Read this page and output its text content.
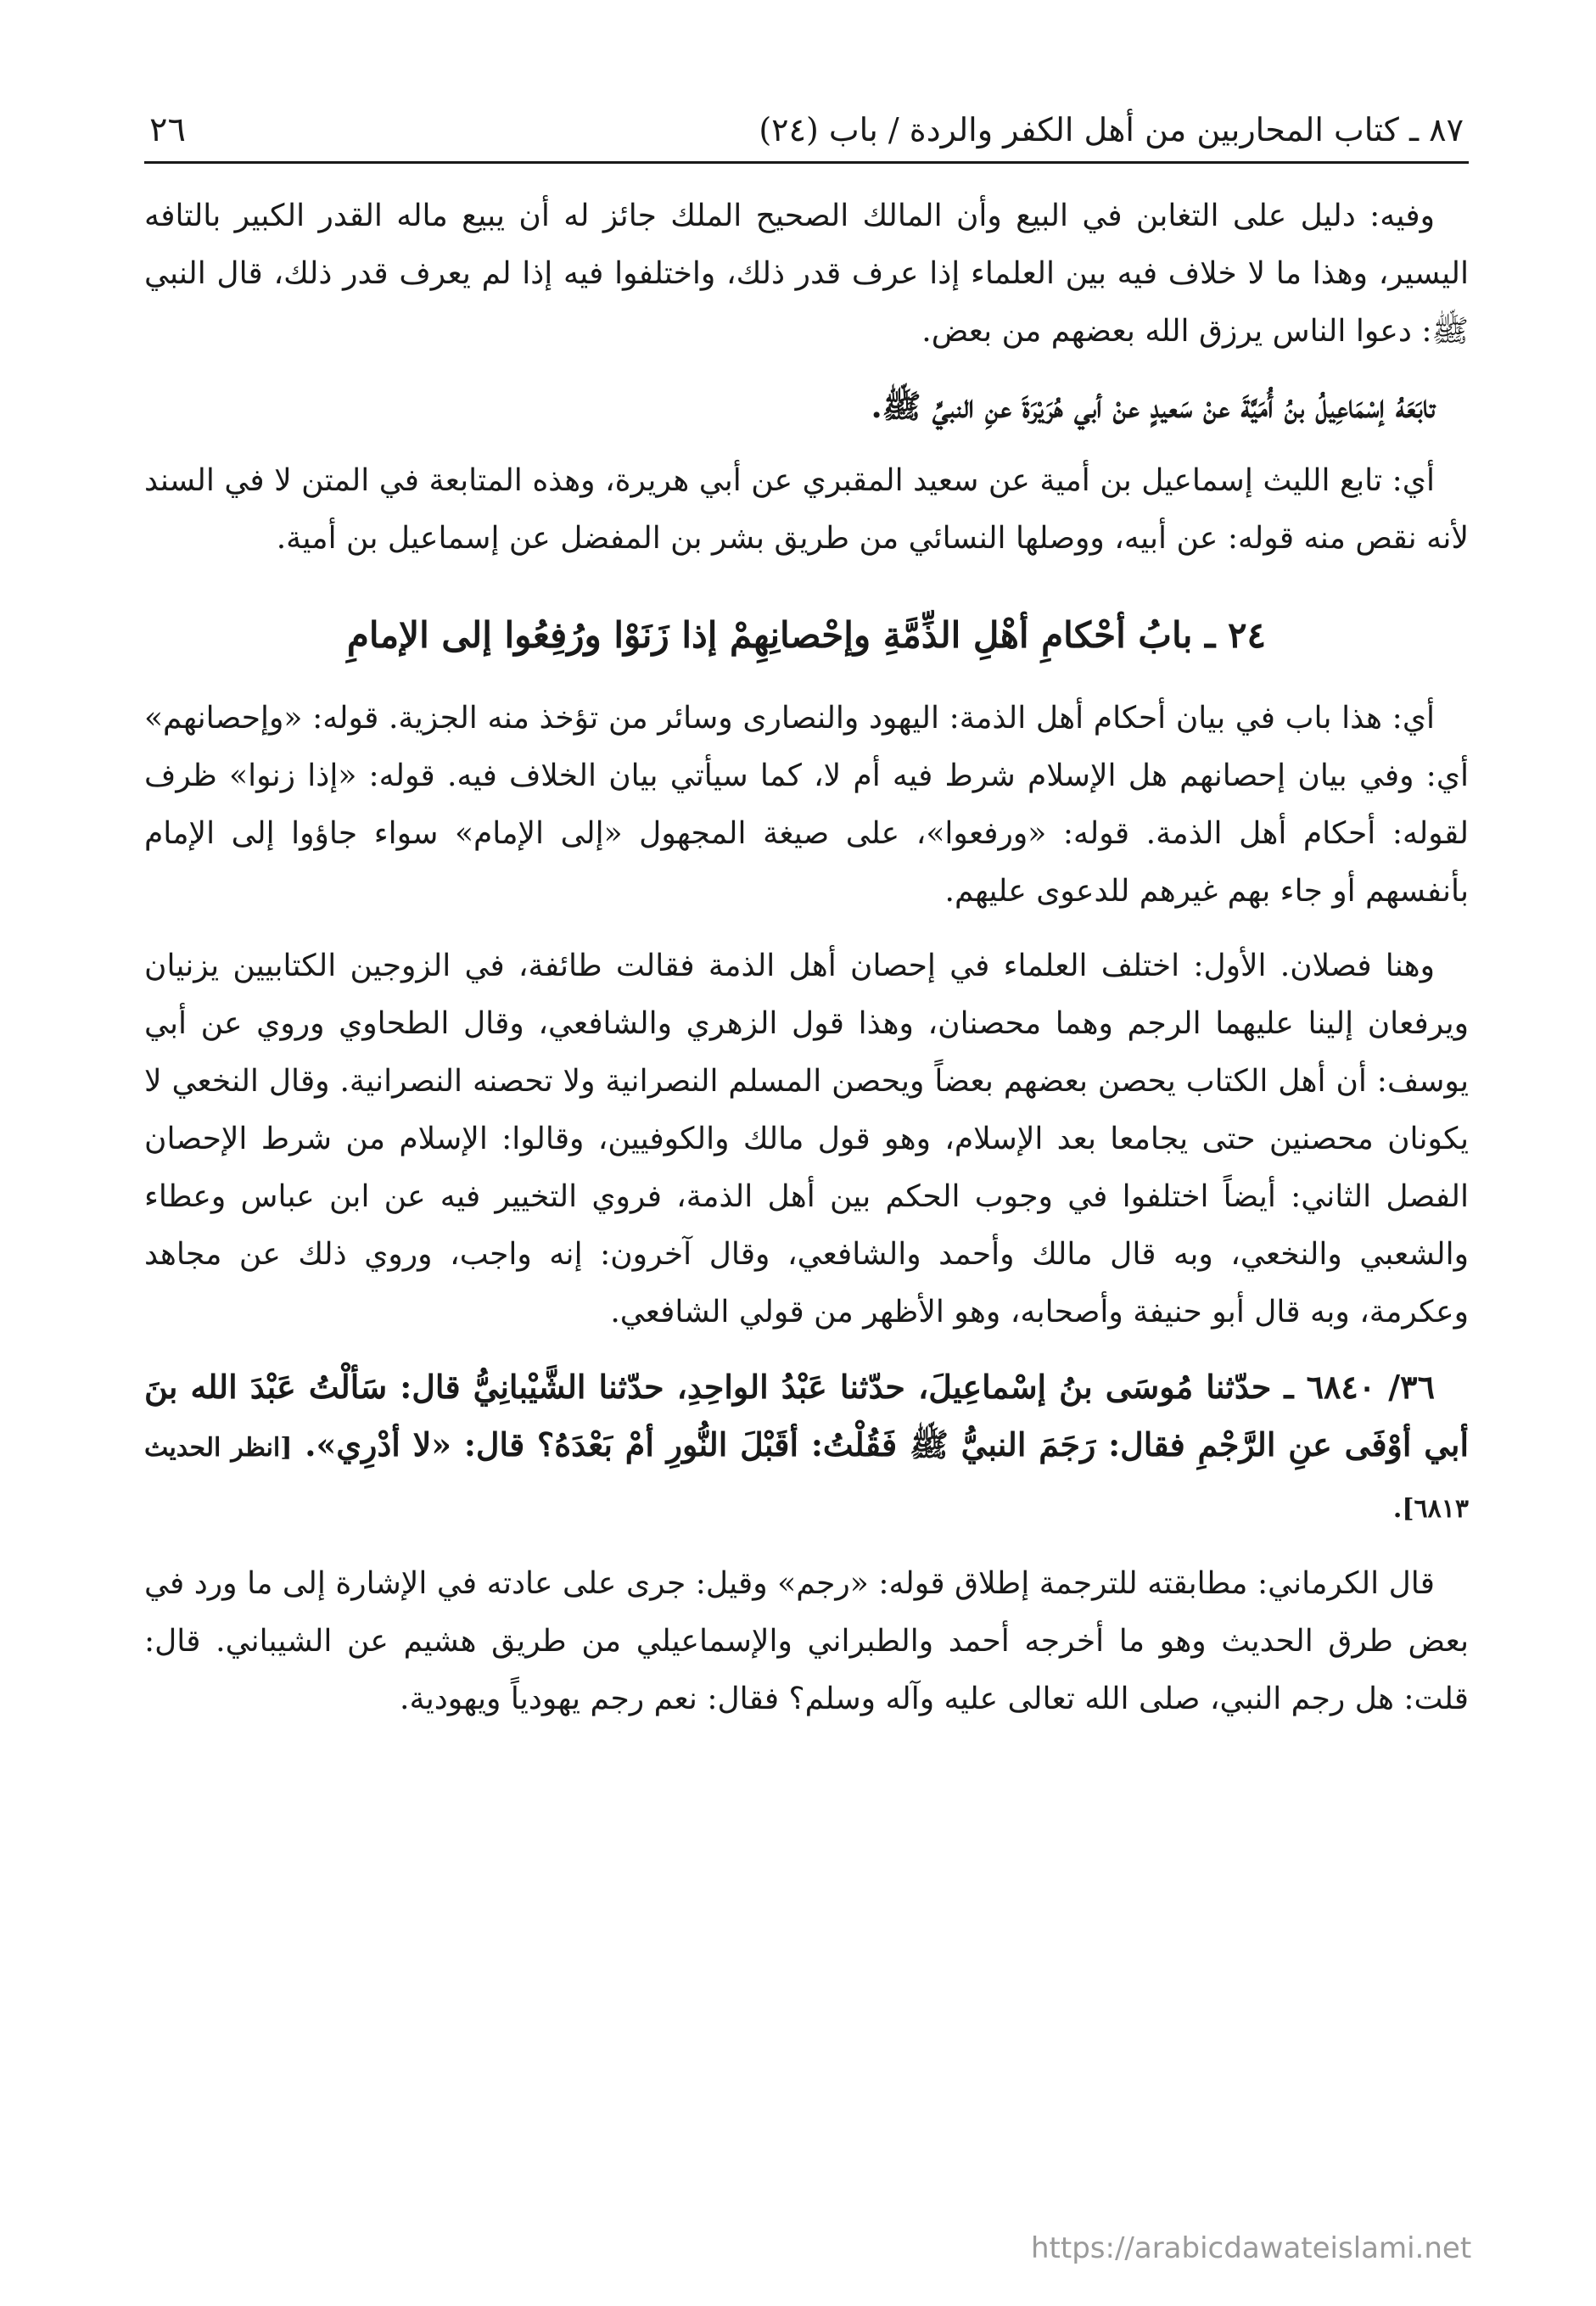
٢٦	٨٧ ـ كتاب المحاربين من أهل الكفر والردة / باب (٢٤)

وفيه: دليل على التغابن في البيع وأن المالك الصحيح الملك جائز له أن يبيع ماله القدر الكبير بالتافه اليسير، وهذا ما لا خلاف فيه بين العلماء إذا عرف قدر ذلك، واختلفوا فيه إذا لم يعرف قدر ذلك، قال النبي ﷺ: دعوا الناس يرزق الله بعضهم من بعض.

تابَعَهُ إسْمَاعِيلُ بنُ أُمَيَّةَ عنْ سَعيدٍ عنْ أبي هُرَيْرَةَ عنِ النبيِّ ﷺ.

أي: تابع الليث إسماعيل بن أمية عن سعيد المقبري عن أبي هريرة، وهذه المتابعة في المتن لا في السند لأنه نقص منه قوله: عن أبيه، ووصلها النسائي من طريق بشر بن المفضل عن إسماعيل بن أمية.

٢٤ ـ بابُ أحْكامِ أهْلِ الذِّمَّةِ وإحْصانِهِمْ إذا زَنَوْا ورُفِعُوا إلى الإمامِ

أي: هذا باب في بيان أحكام أهل الذمة: اليهود والنصارى وسائر من تؤخذ منه الجزية. قوله: «وإحصانهم» أي: وفي بيان إحصانهم هل الإسلام شرط فيه أم لا، كما سيأتي بيان الخلاف فيه. قوله: «إذا زنوا» ظرف لقوله: أحكام أهل الذمة. قوله: «ورفعوا»، على صيغة المجهول «إلى الإمام» سواء جاؤوا إلى الإمام بأنفسهم أو جاء بهم غيرهم للدعوى عليهم.

وهنا فصلان. الأول: اختلف العلماء في إحصان أهل الذمة فقالت طائفة، في الزوجين الكتابيين يزنيان ويرفعان إلينا عليهما الرجم وهما محصنان، وهذا قول الزهري والشافعي، وقال الطحاوي وروي عن أبي يوسف: أن أهل الكتاب يحصن بعضهم بعضاً ويحصن المسلم النصرانية ولا تحصنه النصرانية. وقال النخعي لا يكونان محصنين حتى يجامعا بعد الإسلام، وهو قول مالك والكوفيين، وقالوا: الإسلام من شرط الإحصان الفصل الثاني: أيضاً اختلفوا في وجوب الحكم بين أهل الذمة، فروي التخيير فيه عن ابن عباس وعطاء والشعبي والنخعي، وبه قال مالك وأحمد والشافعي، وقال آخرون: إنه واجب، وروي ذلك عن مجاهد وعكرمة، وبه قال أبو حنيفة وأصحابه، وهو الأظهر من قولي الشافعي.

٣٦/ ٦٨٤٠ ـ حدّثنا مُوسَى بنُ إسْماعِيلَ، حدّثنا عَبْدُ الواحِدِ، حدّثنا الشَّيْبانِيُّ قال: سَألْتُ عَبْدَ الله بنَ أبي أوْفَى عنِ الرَّجْمِ فقال: رَجَمَ النبيُّ ﷺ فَقُلْتُ: أقَبْلَ النُّورِ أمْ بَعْدَهُ؟ قال: «لا أدْرِي». [انظر الحديث ٦٨١٣].

قال الكرماني: مطابقته للترجمة إطلاق قوله: «رجم» وقيل: جرى على عادته في الإشارة إلى ما ورد في بعض طرق الحديث وهو ما أخرجه أحمد والطبراني والإسماعيلي من طريق هشيم عن الشيباني. قال: قلت: هل رجم النبي، صلى الله تعالى عليه وآله وسلم؟ فقال: نعم رجم يهودياً ويهودية.

https://arabicdawateislami.net
